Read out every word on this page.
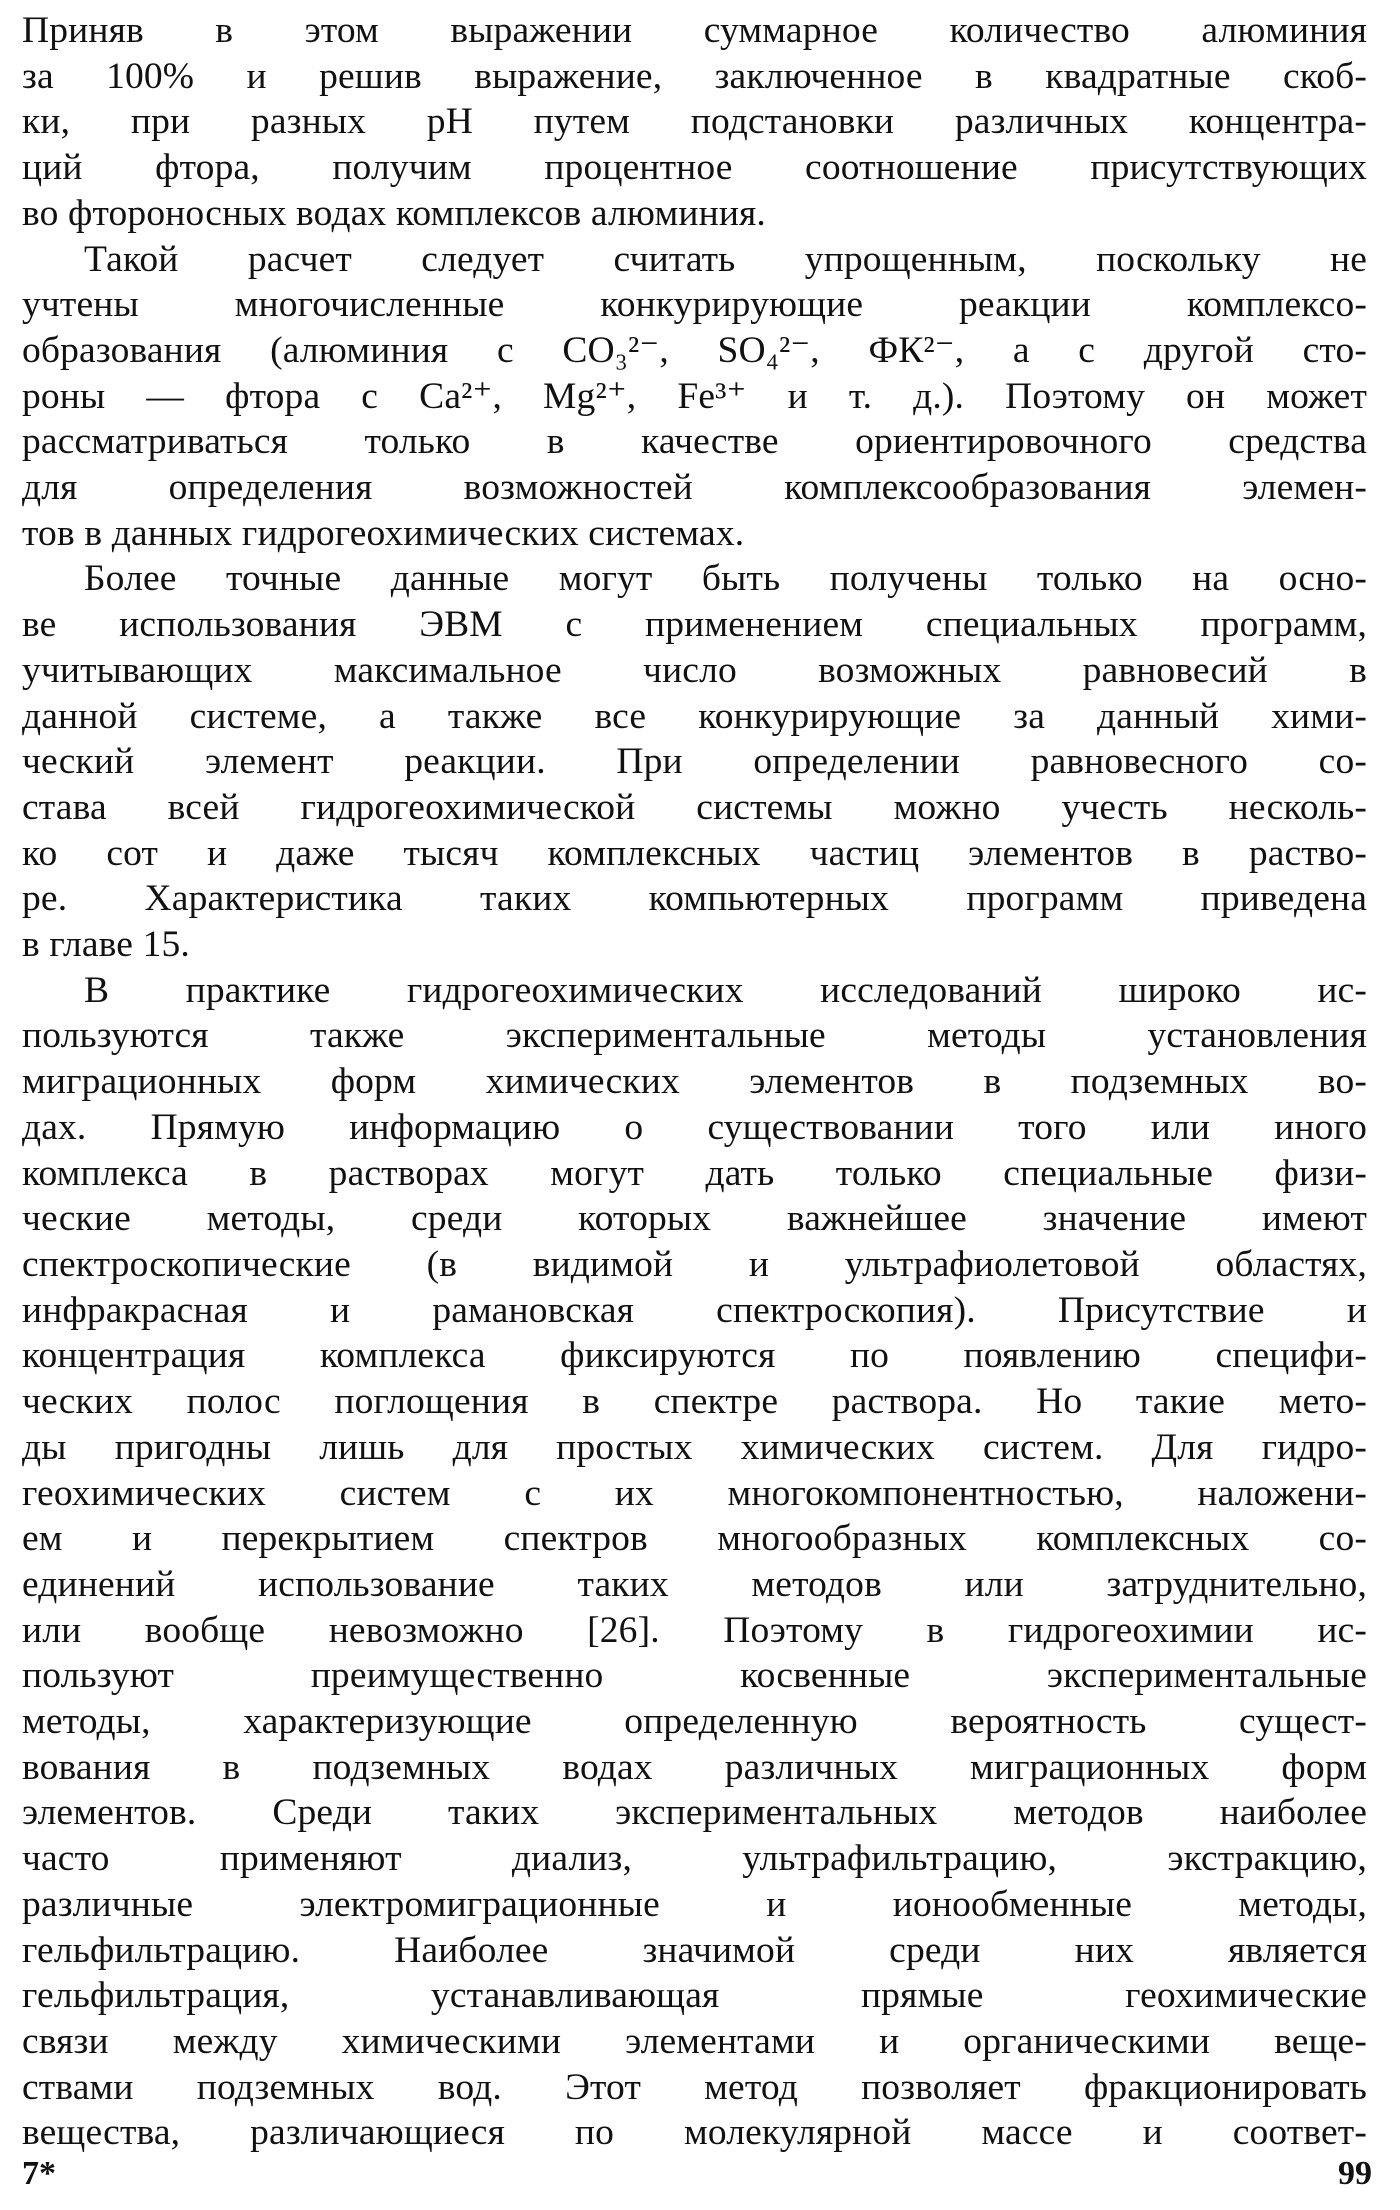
Приняв в этом выражении суммарное количество алюминия
за 100% и решив выражение, заключенное в квадратные скоб-
ки, при разных рН путем подстановки различных концентра-
ций фтора, получим процентное соотношение присутствующих
во фтороносных водах комплексов алюминия.

Такой расчет следует считать упрощенным, поскольку не
учтены многочисленные конкурирующие реакции комплексо-
образования (алюминия с CO₃²⁻, SO₄²⁻, ФК²⁻, а с другой сто-
роны — фтора с Ca²⁺, Mg²⁺, Fe³⁺ и т. д.). Поэтому он может
рассматриваться только в качестве ориентировочного средства
для определения возможностей комплексообразования элемен-
тов в данных гидрогеохимических системах.

Более точные данные могут быть получены только на осно-
ве использования ЭВМ с применением специальных программ,
учитывающих максимальное число возможных равновесий в
данной системе, а также все конкурирующие за данный хими-
ческий элемент реакции. При определении равновесного со-
става всей гидрогеохимической системы можно учесть несколь-
ко сот и даже тысяч комплексных частиц элементов в раство-
ре. Характеристика таких компьютерных программ приведена
в главе 15.

В практике гидрогеохимических исследований широко ис-
пользуются также экспериментальные методы установления
миграционных форм химических элементов в подземных во-
дах. Прямую информацию о существовании того или иного
комплекса в растворах могут дать только специальные физи-
ческие методы, среди которых важнейшее значение имеют
спектроскопические (в видимой и ультрафиолетовой областях,
инфракрасная и рамановская спектроскопия). Присутствие и
концентрация комплекса фиксируются по появлению специфи-
ческих полос поглощения в спектре раствора. Но такие мето-
ды пригодны лишь для простых химических систем. Для гидро-
геохимических систем с их многокомпонентностью, наложени-
ем и перекрытием спектров многообразных комплексных со-
единений использование таких методов или затруднительно,
или вообще невозможно [26]. Поэтому в гидрогеохимии ис-
пользуют преимущественно косвенные экспериментальные
методы, характеризующие определенную вероятность сущест-
вования в подземных водах различных миграционных форм
элементов. Среди таких экспериментальных методов наиболее
часто применяют диализ, ультрафильтрацию, экстракцию,
различные электромиграционные и ионообменные методы,
гельфильтрацию. Наиболее значимой среди них является
гельфильтрация, устанавливающая прямые геохимические
связи между химическими элементами и органическими веще-
ствами подземных вод. Этот метод позволяет фракционировать
вещества, различающиеся по молекулярной массе и соответ-

7*	99
